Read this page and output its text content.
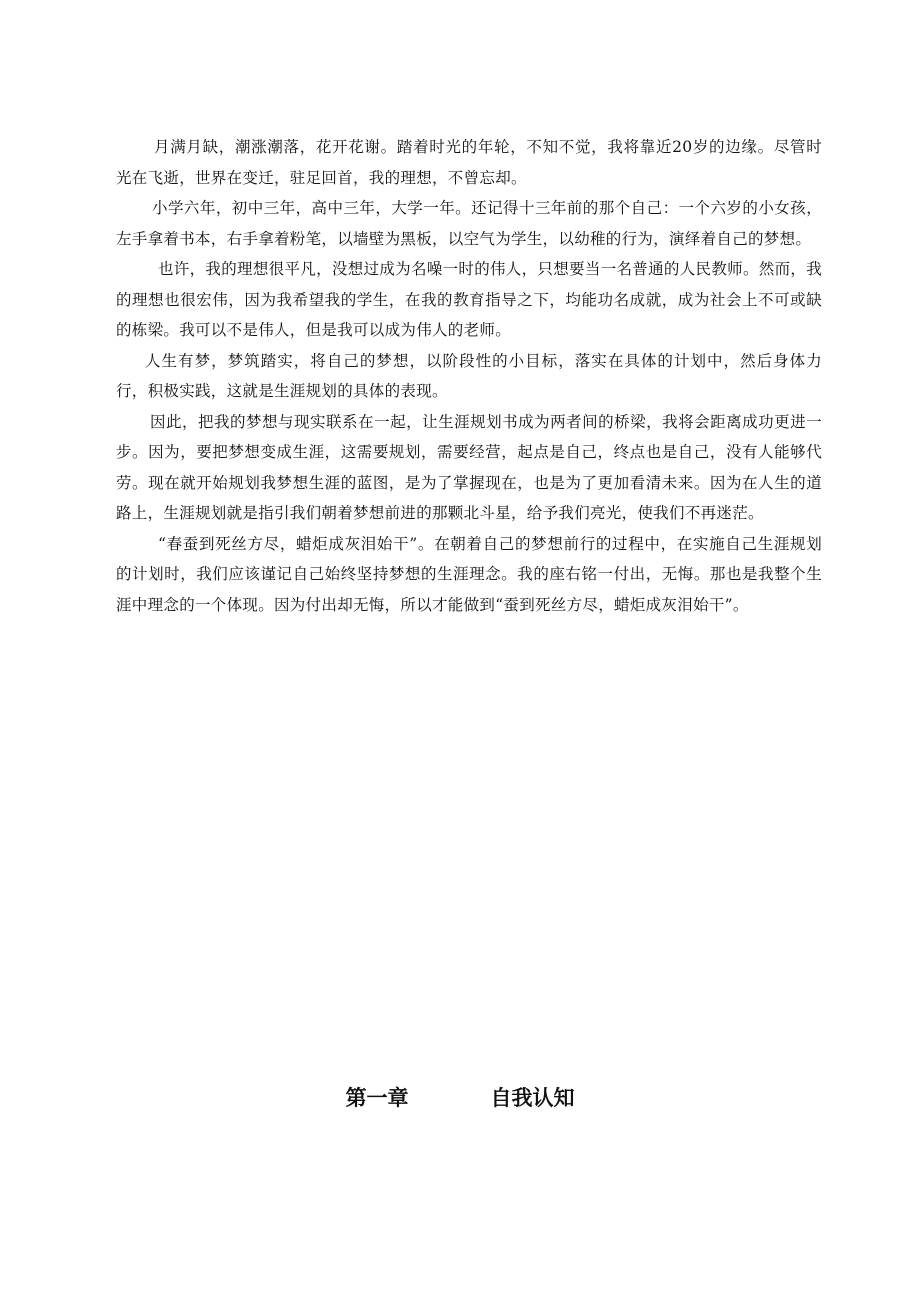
月满月缺，潮涨潮落，花开花谢。踏着时光的年轮，不知不觉，我将靠近20岁的边缘。尽管时光在飞逝，世界在变迁，驻足回首，我的理想，不曾忘却。

小学六年，初中三年，高中三年，大学一年。还记得十三年前的那个自己：一个六岁的小女孩，左手拿着书本，右手拿着粉笔，以墙壁为黑板，以空气为学生，以幼稚的行为，演绎着自己的梦想。

也许，我的理想很平凡，没想过成为名噪一时的伟人，只想要当一名普通的人民教师。然而，我的理想也很宏伟，因为我希望我的学生，在我的教育指导之下，均能功名成就，成为社会上不可或缺的栋梁。我可以不是伟人，但是我可以成为伟人的老师。

人生有梦，梦筑踏实，将自己的梦想，以阶段性的小目标，落实在具体的计划中，然后身体力行，积极实践，这就是生涯规划的具体的表现。

因此，把我的梦想与现实联系在一起，让生涯规划书成为两者间的桥梁，我将会距离成功更进一步。因为，要把梦想变成生涯，这需要规划，需要经营，起点是自己，终点也是自己，没有人能够代劳。现在就开始规划我梦想生涯的蓝图，是为了掌握现在，也是为了更加看清未来。因为在人生的道路上，生涯规划就是指引我们朝着梦想前进的那颗北斗星，给予我们亮光，使我们不再迷茫。

“春蚕到死丝方尽，蜡炬成灰泪始干”。在朝着自己的梦想前行的过程中，在实施自己生涯规划的计划时，我们应该谨记自己始终坚持梦想的生涯理念。我的座右铭一付出，无悔。那也是我整个生涯中理念的一个体现。因为付出却无悔，所以才能做到“蚕到死丝方尽，蜡炬成灰泪始干”。

第一章	自我认知
